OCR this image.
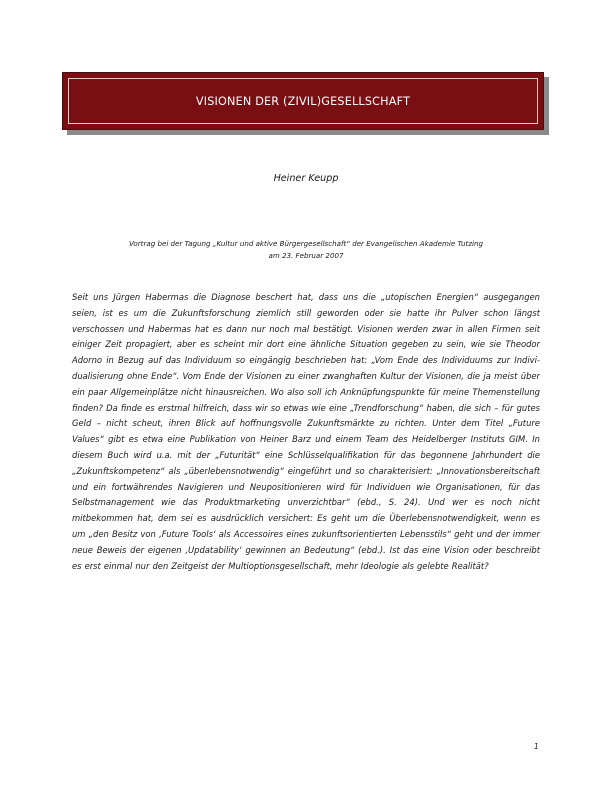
VISIONEN DER (ZIVIL)GESELLSCHAFT
Heiner Keupp
Vortrag bei der Tagung „Kultur und aktive Bürgergesellschaft“ der Evangelischen Akademie Tutzing
am 23. Februar 2007

Seit uns Jürgen Habermas die Diagnose beschert hat, dass uns die „utopischen Energien“ ausgegangen seien, ist es um die Zukunftsforschung ziemlich still geworden oder sie hatte ihr Pulver schon längst verschossen und Habermas hat es dann nur noch mal bestätigt. Visionen werden zwar in allen Firmen seit einiger Zeit propagiert, aber es scheint mir dort eine ähnliche Situation gegeben zu sein, wie sie Theodor Adorno in Bezug auf das Individuum so eingängig beschrieben hat: „Vom Ende des Individuums zur Individualisierung ohne Ende“. Vom Ende der Visionen zu einer zwanghaften Kultur der Visionen, die ja meist über ein paar Allgemeinplätze nicht hinausreichen. Wo also soll ich Anknüpfungspunkte für meine Themenstellung finden? Da finde es erstmal hilfreich, dass wir so etwas wie eine „Trendforschung“ haben, die sich – für gutes Geld – nicht scheut, ihren Blick auf hoffnungsvolle Zukunftsmärkte zu richten. Unter dem Titel „Future Values“ gibt es etwa eine Publikation von Heiner Barz und einem Team des Heidelberger Instituts GIM. In diesem Buch wird u.a. mit der „Futurität“ eine Schlüsselqualifikation für das begonnene Jahrhundert die „Zukunftskompetenz“ als „überlebensnotwendig“ eingeführt und so charakterisiert: „Innovationsbereitschaft und ein fortwährendes Navigieren und Neupositionieren wird für Individuen wie Organisationen, für das Selbstmanagement wie das Produktmarketing unverzichtbar“ (ebd., S. 24). Und wer es noch nicht mitbekommen hat, dem sei es ausdrücklich versichert: Es geht um die Überlebensnotwendigkeit, wenn es um „den Besitz von ‚Future Tools‘ als Accessoires eines zukunftsorientierten Lebensstils“ geht und der immer neue Beweis der eigenen ‚Updatability‘ gewinnen an Bedeutung“ (ebd.). Ist das eine Vision oder beschreibt es erst einmal nur den Zeitgeist der Multioptionsgesellschaft, mehr Ideologie als gelebte Realität?

1
